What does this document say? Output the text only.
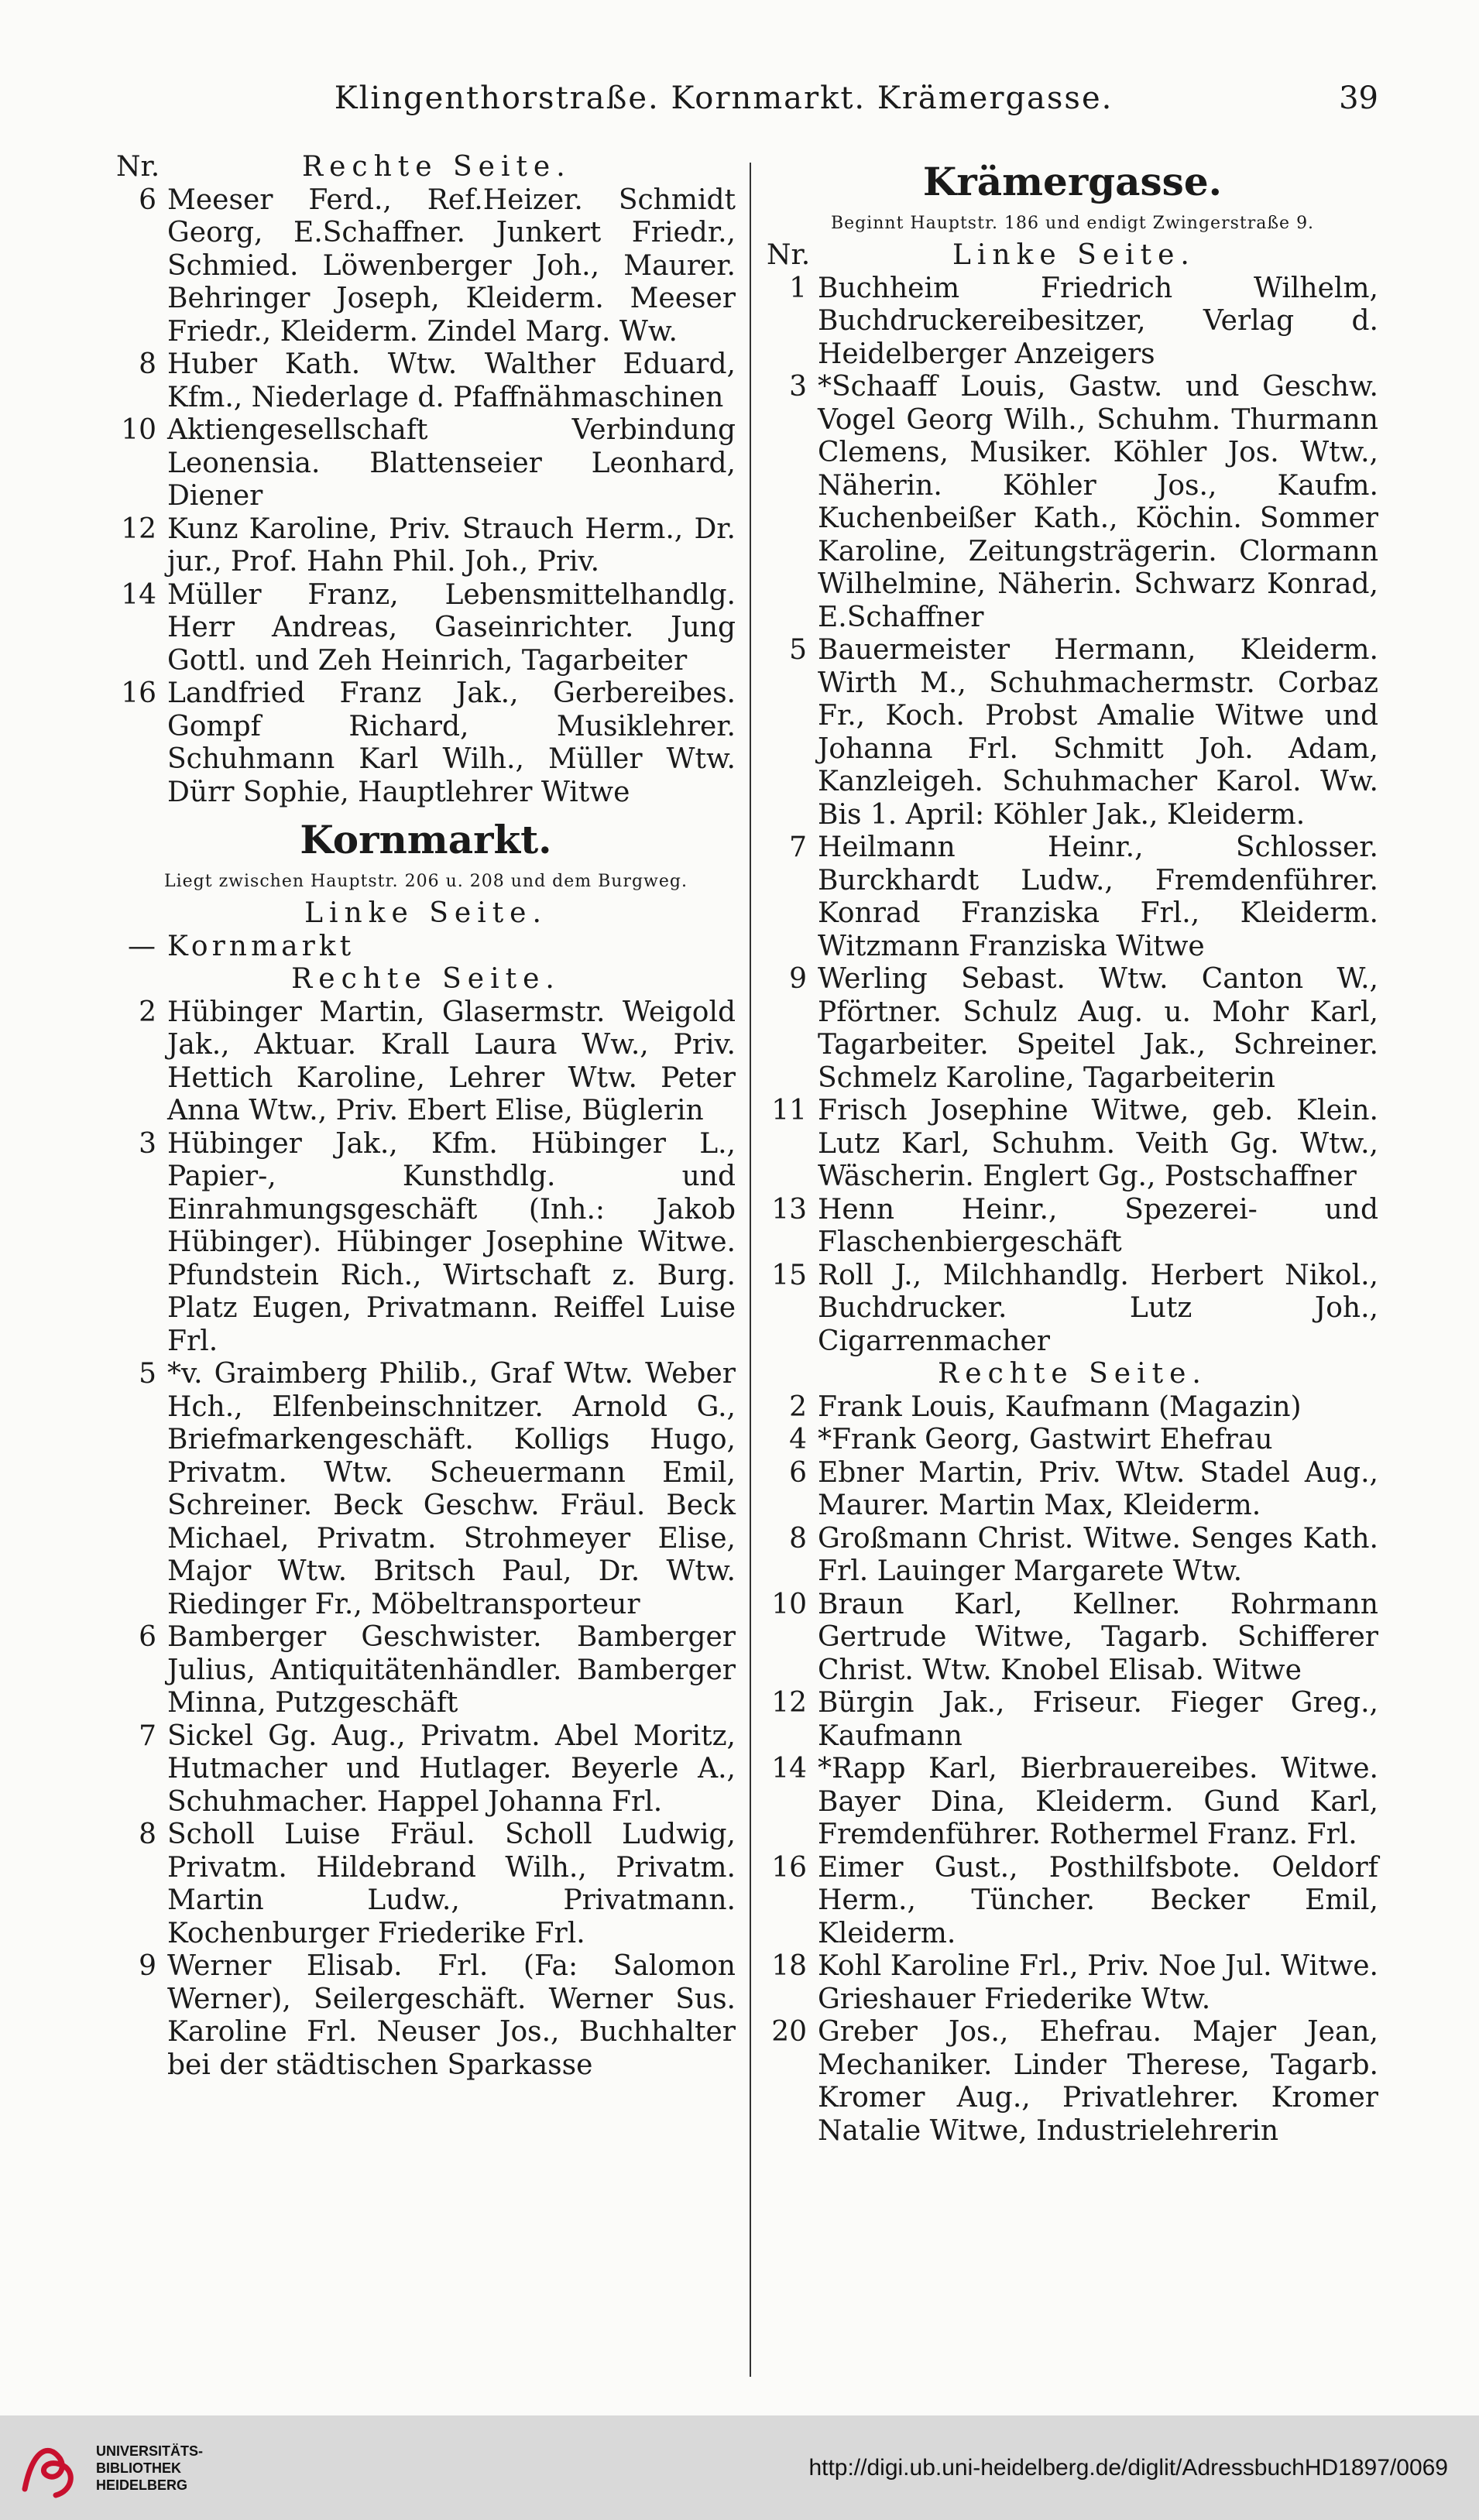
Klingenthorstraße. Kornmarkt. Krämergasse.	39
Nr.	Rechte Seite.
6 Meeser Ferd., Ref.Heizer. Schmidt Georg, E.Schaffner. Junkert Friedr., Schmied. Löwenberger Joh., Maurer. Behringer Joseph, Kleiderm. Meeser Friedr., Kleiderm. Zindel Marg. Ww.
8 Huber Kath. Wtw. Walther Eduard, Kfm., Niederlage d. Pfaffnähmaschinen
10 Aktiengesellschaft Verbindung Leonensia. Blattenseier Leonhard, Diener
12 Kunz Karoline, Priv. Strauch Herm., Dr. jur., Prof. Hahn Phil. Joh., Priv.
14 Müller Franz, Lebensmittelhandlg. Herr Andreas, Gaseinrichter. Jung Gottl. und Zeh Heinrich, Tagarbeiter
16 Landfried Franz Jak., Gerbereibes. Gompf Richard, Musiklehrer. Schuhmann Karl Wilh., Müller Wtw. Dürr Sophie, Hauptlehrer Witwe
Kornmarkt.
Liegt zwischen Hauptstr. 206 u. 208 und dem Burgweg.
Linke Seite.
— Kornmarkt
Rechte Seite.
2 Hübinger Martin, Glasermstr. Weigold Jak., Aktuar. Krall Laura Ww., Priv. Hettich Karoline, Lehrer Wtw. Peter Anna Wtw., Priv. Ebert Elise, Büglerin
3 Hübinger Jak., Kfm. Hübinger L., Papier-, Kunsthdlg. und Einrahmungsgeschäft (Inh.: Jakob Hübinger). Hübinger Josephine Witwe. Pfundstein Rich., Wirtschaft z. Burg. Platz Eugen, Privatmann. Reiffel Luise Frl.
5 *v. Graimberg Philib., Graf Wtw. Weber Hch., Elfenbeinschnitzer. Arnold G., Briefmarkengeschäft. Kolligs Hugo, Privatm. Wtw. Scheuermann Emil, Schreiner. Beck Geschw. Fräul. Beck Michael, Privatm. Strohmeyer Elise, Major Wtw. Britsch Paul, Dr. Wtw. Riedinger Fr., Möbeltransporteur
6 Bamberger Geschwister. Bamberger Julius, Antiquitätenhändler. Bamberger Minna, Putzgeschäft
7 Sickel Gg. Aug., Privatm. Abel Moritz, Hutmacher und Hutlager. Beyerle A., Schuhmacher. Happel Johanna Frl.
8 Scholl Luise Fräul. Scholl Ludwig, Privatm. Hildebrand Wilh., Privatm. Martin Ludw., Privatmann. Kochenburger Friederike Frl.
9 Werner Elisab. Frl. (Fa: Salomon Werner), Seilergeschäft. Werner Sus. Karoline Frl. Neuser Jos., Buchhalter bei der städtischen Sparkasse
Krämergasse.
Beginnt Hauptstr. 186 und endigt Zwingerstraße 9.
Nr.	Linke Seite.
1 Buchheim Friedrich Wilhelm, Buchdruckereibesitzer, Verlag d. Heidelberger Anzeigers
3 *Schaaff Louis, Gastw. und Geschw. Vogel Georg Wilh., Schuhm. Thurmann Clemens, Musiker. Köhler Jos. Wtw., Näherin. Köhler Jos., Kaufm. Kuchenbeißer Kath., Köchin. Sommer Karoline, Zeitungsträgerin. Clormann Wilhelmine, Näherin. Schwarz Konrad, E.Schaffner
5 Bauermeister Hermann, Kleiderm. Wirth M., Schuhmachermstr. Corbaz Fr., Koch. Probst Amalie Witwe und Johanna Frl. Schmitt Joh. Adam, Kanzleigeh. Schuhmacher Karol. Ww. Bis 1. April: Köhler Jak., Kleiderm.
7 Heilmann Heinr., Schlosser. Burckhardt Ludw., Fremdenführer. Konrad Franziska Frl., Kleiderm. Witzmann Franziska Witwe
9 Werling Sebast. Wtw. Canton W., Pförtner. Schulz Aug. u. Mohr Karl, Tagarbeiter. Speitel Jak., Schreiner. Schmelz Karoline, Tagarbeiterin
11 Frisch Josephine Witwe, geb. Klein. Lutz Karl, Schuhm. Veith Gg. Wtw., Wäscherin. Englert Gg., Postschaffner
13 Henn Heinr., Spezerei- und Flaschenbiergeschäft
15 Roll J., Milchhandlg. Herbert Nikol., Buchdrucker. Lutz Joh., Cigarrenmacher
Rechte Seite.
2 Frank Louis, Kaufmann (Magazin)
4 *Frank Georg, Gastwirt Ehefrau
6 Ebner Martin, Priv. Wtw. Stadel Aug., Maurer. Martin Max, Kleiderm.
8 Großmann Christ. Witwe. Senges Kath. Frl. Lauinger Margarete Wtw.
10 Braun Karl, Kellner. Rohrmann Gertrude Witwe, Tagarb. Schifferer Christ. Wtw. Knobel Elisab. Witwe
12 Bürgin Jak., Friseur. Fieger Greg., Kaufmann
14 *Rapp Karl, Bierbrauereibes. Witwe. Bayer Dina, Kleiderm. Gund Karl, Fremdenführer. Rothermel Franz. Frl.
16 Eimer Gust., Posthilfsbote. Oeldorf Herm., Tüncher. Becker Emil, Kleiderm.
18 Kohl Karoline Frl., Priv. Noe Jul. Witwe. Grieshauer Friederike Wtw.
20 Greber Jos., Ehefrau. Majer Jean, Mechaniker. Linder Therese, Tagarb. Kromer Aug., Privatlehrer. Kromer Natalie Witwe, Industrielehrerin
UNIVERSITÄTS-
BIBLIOTHEK
HEIDELBERG
http://digi.ub.uni-heidelberg.de/diglit/AdressbuchHD1897/0069
